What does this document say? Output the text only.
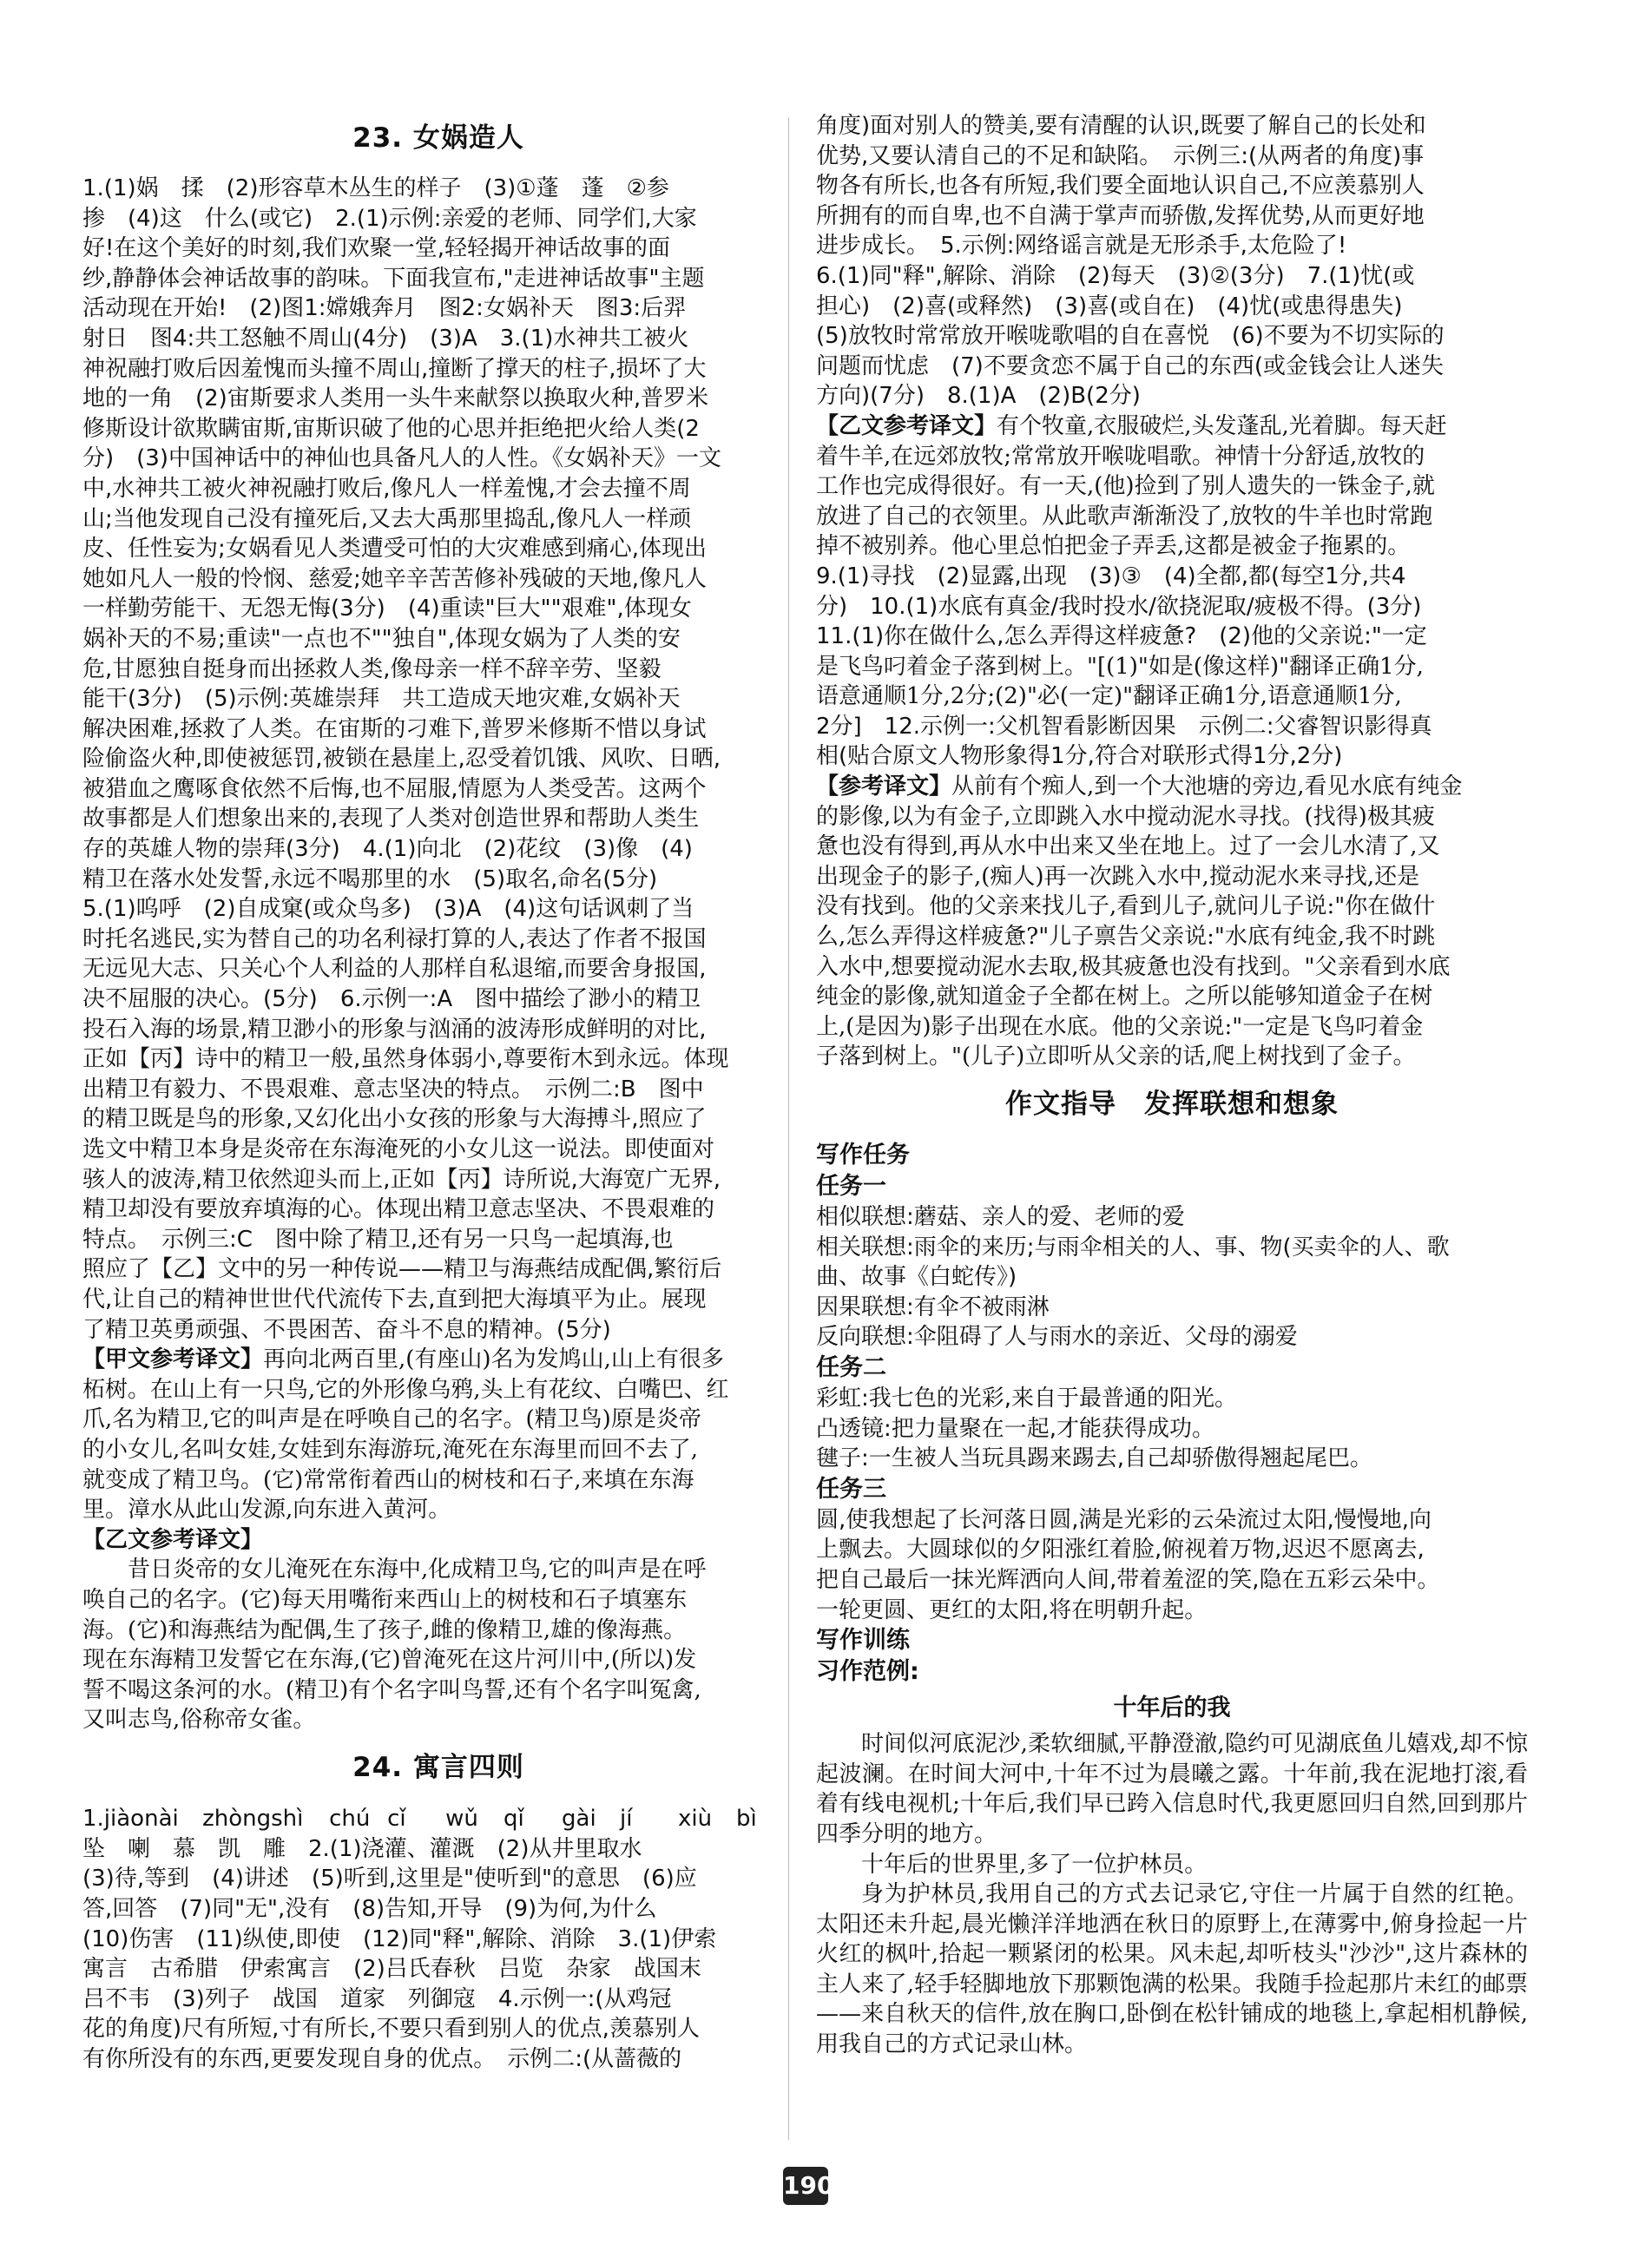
23. 女娲造人

1.(1)娲　揉　(2)形容草木丛生的样子　(3)①蓬　蓬　②参

掺　(4)这　什么(或它)　2.(1)示例:亲爱的老师、同学们,大家

好!在这个美好的时刻,我们欢聚一堂,轻轻揭开神话故事的面

纱,静静体会神话故事的韵味。下面我宣布,"走进神话故事"主题

活动现在开始!　(2)图1:嫦娥奔月　图2:女娲补天　图3:后羿

射日　图4:共工怒触不周山(4分)　(3)A　3.(1)水神共工被火

神祝融打败后因羞愧而头撞不周山,撞断了撑天的柱子,损坏了大

地的一角　(2)宙斯要求人类用一头牛来献祭以换取火种,普罗米

修斯设计欲欺瞒宙斯,宙斯识破了他的心思并拒绝把火给人类(2

分)　(3)中国神话中的神仙也具备凡人的人性。《女娲补天》一文

中,水神共工被火神祝融打败后,像凡人一样羞愧,才会去撞不周

山;当他发现自己没有撞死后,又去大禹那里捣乱,像凡人一样顽

皮、任性妄为;女娲看见人类遭受可怕的大灾难感到痛心,体现出

她如凡人一般的怜悯、慈爱;她辛辛苦苦修补残破的天地,像凡人

一样勤劳能干、无怨无悔(3分)　(4)重读"巨大""艰难",体现女

娲补天的不易;重读"一点也不""独自",体现女娲为了人类的安

危,甘愿独自挺身而出拯救人类,像母亲一样不辞辛劳、坚毅

能干(3分)　(5)示例:英雄崇拜　共工造成天地灾难,女娲补天

解决困难,拯救了人类。在宙斯的刁难下,普罗米修斯不惜以身试

险偷盗火种,即使被惩罚,被锁在悬崖上,忍受着饥饿、风吹、日晒,

被猎血之鹰啄食依然不后悔,也不屈服,情愿为人类受苦。这两个

故事都是人们想象出来的,表现了人类对创造世界和帮助人类生

存的英雄人物的崇拜(3分)　4.(1)向北　(2)花纹　(3)像　(4)

精卫在落水处发誓,永远不喝那里的水　(5)取名,命名(5分)

5.(1)呜呼　(2)自成窠(或众鸟多)　(3)A　(4)这句话讽刺了当

时托名逃民,实为替自己的功名利禄打算的人,表达了作者不报国

无远见大志、只关心个人利益的人那样自私退缩,而要舍身报国,

决不屈服的决心。(5分)　6.示例一:A　图中描绘了渺小的精卫

投石入海的场景,精卫渺小的形象与汹涌的波涛形成鲜明的对比,

正如【丙】诗中的精卫一般,虽然身体弱小,尊要衔木到永远。体现

出精卫有毅力、不畏艰难、意志坚决的特点。　示例二:B　图中

的精卫既是鸟的形象,又幻化出小女孩的形象与大海搏斗,照应了

选文中精卫本身是炎帝在东海淹死的小女儿这一说法。即使面对

骇人的波涛,精卫依然迎头而上,正如【丙】诗所说,大海宽广无界,

精卫却没有要放弃填海的心。体现出精卫意志坚决、不畏艰难的

特点。　示例三:C　图中除了精卫,还有另一只鸟一起填海,也

照应了【乙】文中的另一种传说——精卫与海燕结成配偶,繁衍后

代,让自己的精神世世代代流传下去,直到把大海填平为止。展现

了精卫英勇顽强、不畏困苦、奋斗不息的精神。(5分)

【甲文参考译文】再向北两百里,(有座山)名为发鸠山,山上有很多

柘树。在山上有一只鸟,它的外形像乌鸦,头上有花纹、白嘴巴、红

爪,名为精卫,它的叫声是在呼唤自己的名字。(精卫鸟)原是炎帝

的小女儿,名叫女娃,女娃到东海游玩,淹死在东海里而回不去了,

就变成了精卫鸟。(它)常常衔着西山的树枝和石子,来填在东海

里。漳水从此山发源,向东进入黄河。

【乙文参考译文】

昔日炎帝的女儿淹死在东海中,化成精卫鸟,它的叫声是在呼

唤自己的名字。(它)每天用嘴衔来西山上的树枝和石子填塞东

海。(它)和海燕结为配偶,生了孩子,雌的像精卫,雄的像海燕。

现在东海精卫发誓它在东海,(它)曾淹死在这片河川中,(所以)发

誓不喝这条河的水。(精卫)有个名字叫鸟誓,还有个名字叫冤禽,

又叫志鸟,俗称帝女雀。

24. 寓言四则
1.jiào nài	zhòng shì	chú cǐ	wǔ	qǐ	gài	jí	xiù	bì

坠　喇　慕　凯　雕　2.(1)浇灌、灌溉　(2)从井里取水

(3)待,等到　(4)讲述　(5)听到,这里是"使听到"的意思　(6)应

答,回答　(7)同"无",没有　(8)告知,开导　(9)为何,为什么

(10)伤害　(11)纵使,即使　(12)同"释",解除、消除　3.(1)伊索

寓言　古希腊　伊索寓言　(2)吕氏春秋　吕览　杂家　战国末

吕不韦　(3)列子　战国　道家　列御寇　4.示例一:(从鸡冠

花的角度)尺有所短,寸有所长,不要只看到别人的优点,羡慕别人

有你所没有的东西,更要发现自身的优点。　示例二:(从蔷薇的

角度)面对别人的赞美,要有清醒的认识,既要了解自己的长处和

优势,又要认清自己的不足和缺陷。　示例三:(从两者的角度)事

物各有所长,也各有所短,我们要全面地认识自己,不应羡慕别人

所拥有的而自卑,也不自满于掌声而骄傲,发挥优势,从而更好地

进步成长。　5.示例:网络谣言就是无形杀手,太危险了!

6.(1)同"释",解除、消除　(2)每天　(3)②(3分)　7.(1)忧(或

担心)　(2)喜(或释然)　(3)喜(或自在)　(4)忧(或患得患失)

(5)放牧时常常放开喉咙歌唱的自在喜悦　(6)不要为不切实际的

问题而忧虑　(7)不要贪恋不属于自己的东西(或金钱会让人迷失

方向)(7分)　8.(1)A　(2)B(2分)

【乙文参考译文】有个牧童,衣服破烂,头发蓬乱,光着脚。每天赶

着牛羊,在远郊放牧;常常放开喉咙唱歌。神情十分舒适,放牧的

工作也完成得很好。有一天,(他)捡到了别人遗失的一铢金子,就

放进了自己的衣领里。从此歌声渐渐没了,放牧的牛羊也时常跑

掉不被别养。他心里总怕把金子弄丢,这都是被金子拖累的。

9.(1)寻找　(2)显露,出现　(3)③　(4)全都,都(每空1分,共4

分)　10.(1)水底有真金/我时投水/欲挠泥取/疲极不得。(3分)

11.(1)你在做什么,怎么弄得这样疲惫?　(2)他的父亲说:"一定

是飞鸟叼着金子落到树上。"[(1)"如是(像这样)"翻译正确1分,

语意通顺1分,2分;(2)"必(一定)"翻译正确1分,语意通顺1分,

2分]　12.示例一:父机智看影断因果　示例二:父睿智识影得真

相(贴合原文人物形象得1分,符合对联形式得1分,2分)

【参考译文】从前有个痴人,到一个大池塘的旁边,看见水底有纯金

的影像,以为有金子,立即跳入水中搅动泥水寻找。(找得)极其疲

惫也没有得到,再从水中出来又坐在地上。过了一会儿水清了,又

出现金子的影子,(痴人)再一次跳入水中,搅动泥水来寻找,还是

没有找到。他的父亲来找儿子,看到儿子,就问儿子说:"你在做什

么,怎么弄得这样疲惫?"儿子禀告父亲说:"水底有纯金,我不时跳

入水中,想要搅动泥水去取,极其疲惫也没有找到。"父亲看到水底

纯金的影像,就知道金子全都在树上。之所以能够知道金子在树

上,(是因为)影子出现在水底。他的父亲说:"一定是飞鸟叼着金

子落到树上。"(儿子)立即听从父亲的话,爬上树找到了金子。

作文指导　发挥联想和想象

写作任务

任务一

相似联想:蘑菇、亲人的爱、老师的爱

相关联想:雨伞的来历;与雨伞相关的人、事、物(买卖伞的人、歌

曲、故事《白蛇传》)

因果联想:有伞不被雨淋

反向联想:伞阻碍了人与雨水的亲近、父母的溺爱

任务二

彩虹:我七色的光彩,来自于最普通的阳光。

凸透镜:把力量聚在一起,才能获得成功。

毽子:一生被人当玩具踢来踢去,自己却骄傲得翘起尾巴。

任务三

圆,使我想起了长河落日圆,满是光彩的云朵流过太阳,慢慢地,向

上飘去。大圆球似的夕阳涨红着脸,俯视着万物,迟迟不愿离去,

把自己最后一抹光辉洒向人间,带着羞涩的笑,隐在五彩云朵中。

一轮更圆、更红的太阳,将在明朝升起。

写作训练

习作范例:

十年后的我

时间似河底泥沙,柔软细腻,平静澄澈,隐约可见湖底鱼儿嬉戏,却不惊起波澜。在时间大河中,十年不过为晨曦之露。十年前,我在泥地打滚,看着有线电视机;十年后,我们早已跨入信息时代,我更愿回归自然,回到那片四季分明的地方。

十年后的世界里,多了一位护林员。

身为护林员,我用自己的方式去记录它,守住一片属于自然的红艳。太阳还未升起,晨光懒洋洋地洒在秋日的原野上,在薄雾中,俯身捡起一片火红的枫叶,拾起一颗紧闭的松果。风未起,却听枝头"沙沙",这片森林的主人来了,轻手轻脚地放下那颗饱满的松果。我随手捡起那片未红的邮票——来自秋天的信件,放在胸口,卧倒在松针铺成的地毯上,拿起相机静候,用我自己的方式记录山林。

190
